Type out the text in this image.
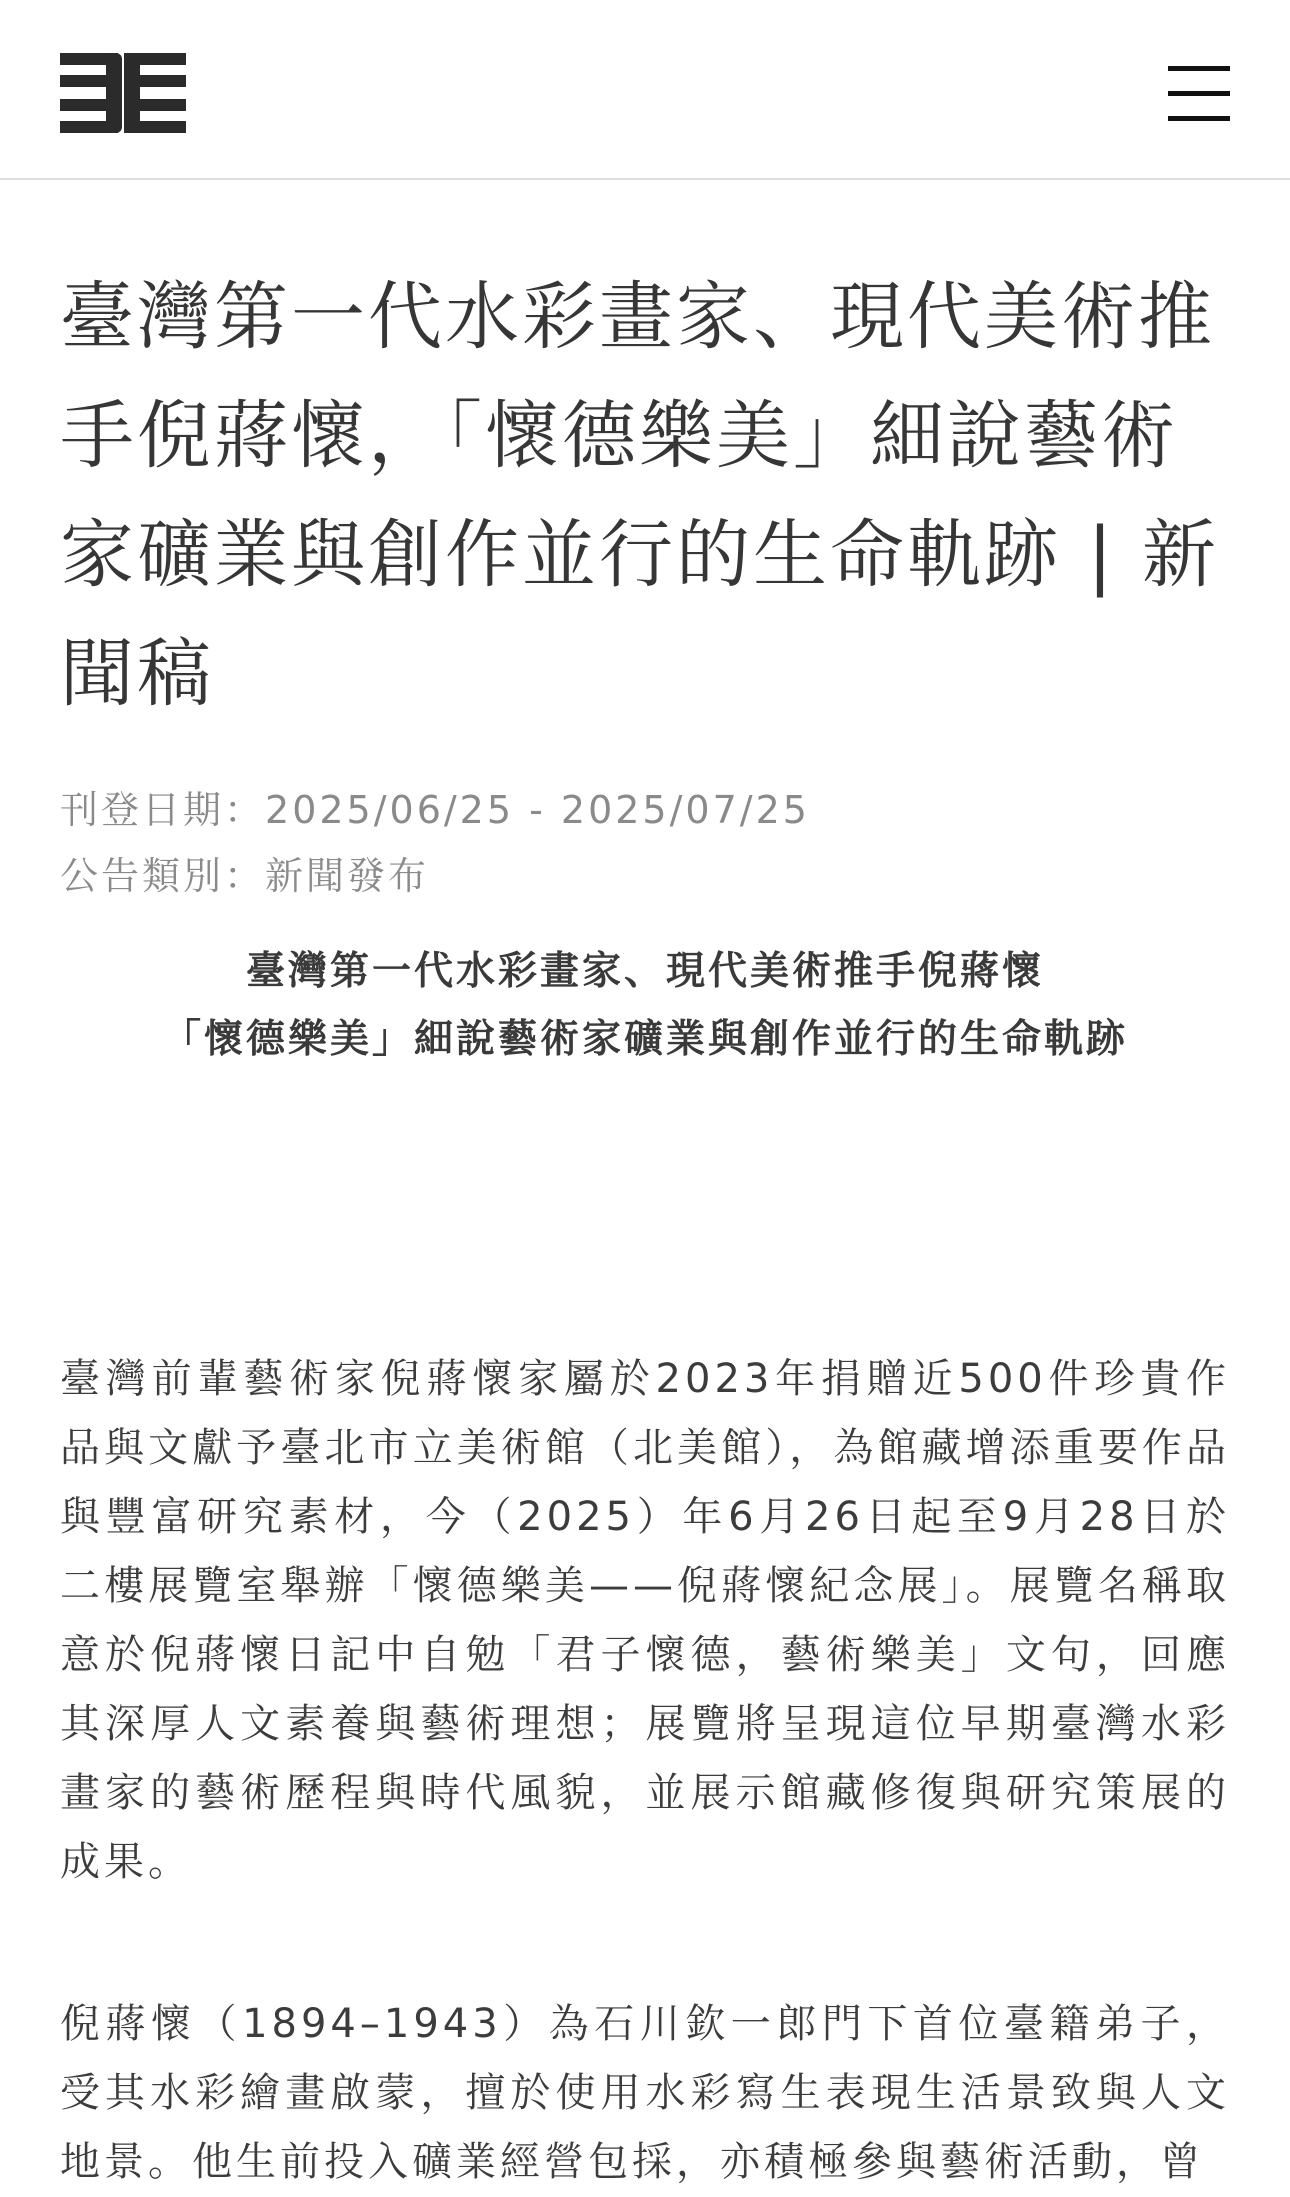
臺灣第一代水彩畫家、現代美術推手倪蔣懷，「懷德樂美」細說藝術家礦業與創作並行的生命軌跡 | 新聞稿
刊登日期：2025/06/25 - 2025/07/25
公告類別：新聞發布
臺灣第一代水彩畫家、現代美術推手倪蔣懷
「懷德樂美」細說藝術家礦業與創作並行的生命軌跡

臺灣前輩藝術家倪蔣懷家屬於2023年捐贈近500件珍貴作品與文獻予臺北市立美術館（北美館），為館藏增添重要作品與豐富研究素材，今（2025）年6月26日起至9月28日於二樓展覽室舉辦「懷德樂美——倪蔣懷紀念展」。展覽名稱取意於倪蔣懷日記中自勉「君子懷德，藝術樂美」文句，回應其深厚人文素養與藝術理想；展覽將呈現這位早期臺灣水彩畫家的藝術歷程與時代風貌，並展示館藏修復與研究策展的成果。

倪蔣懷（1894–1943）為石川欽一郎門下首位臺籍弟子，受其水彩繪畫啟蒙，擅於使用水彩寫生表現生活景致與人文地景。他生前投入礦業經營包採，亦積極參與藝術活動，曾
